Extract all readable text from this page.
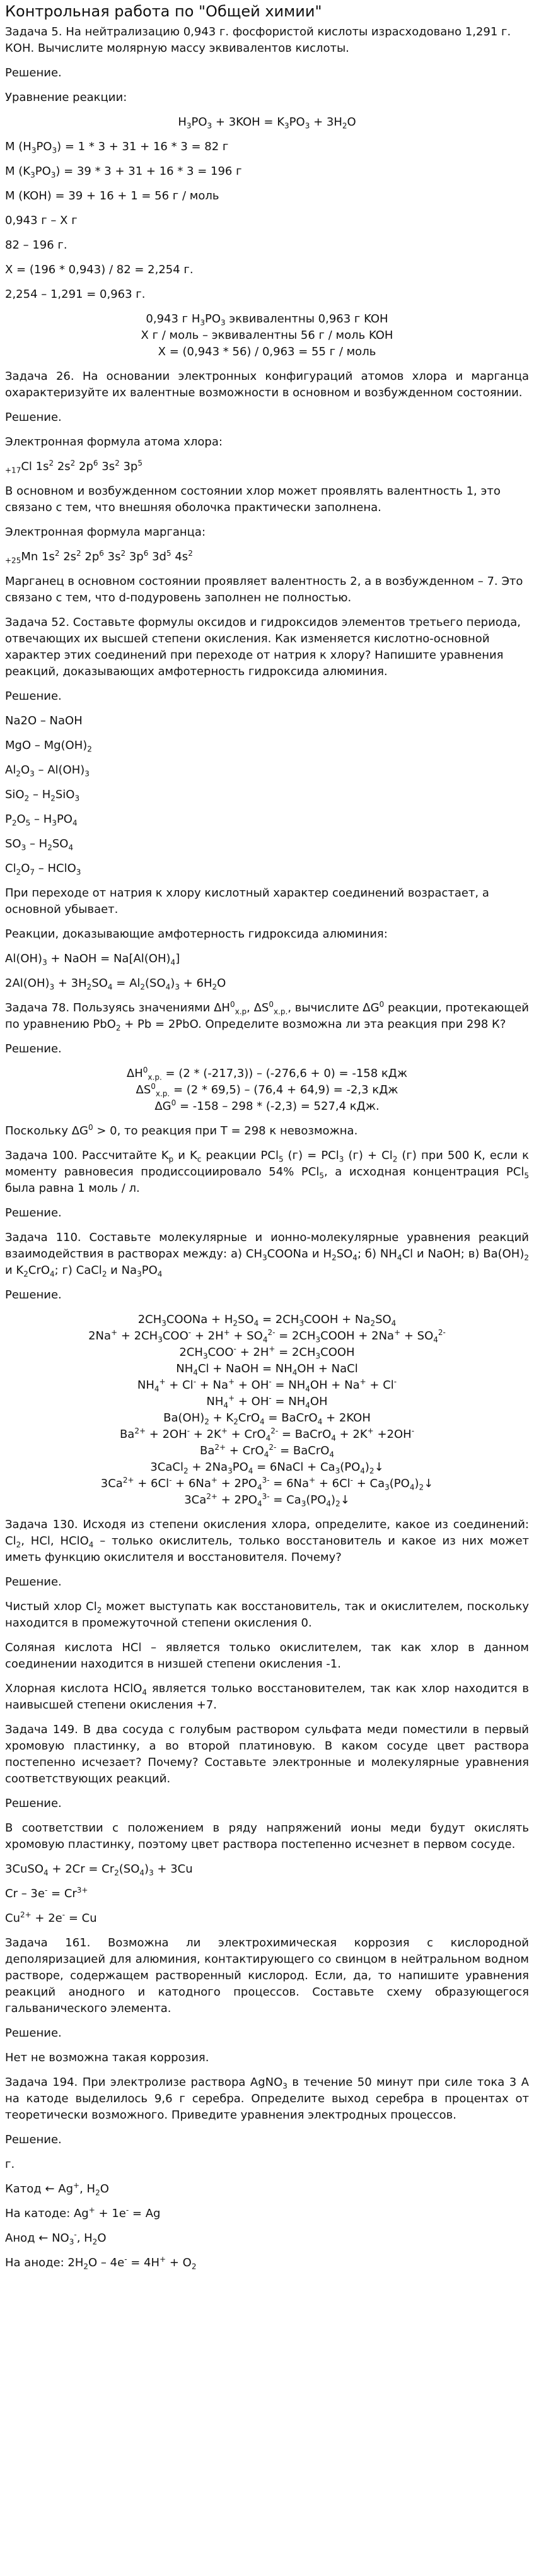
Контрольная работа по "Общей химии"
Задача 5. На нейтрализацию 0,943 г. фосфористой кислоты израсходовано 1,291 г. КОН. Вычислите молярную массу эквивалентов кислоты.
Решение.
Уравнение реакции:
$H_3PO_3 + 3KOH = K_3PO_3 + 3H_2O$
M $(H_3PO_3) = 1 * 3 + 31 + 16 * 3 = 82$ г
M $(K_3PO_3) = 39 * 3 + 31 + 16 * 3 = 196$ г
M (KOH) = 39 + 16 + 1 = 56 г / моль
0,943 г – X г
82 – 196 г.
X = (196 * 0,943) / 82 = 2,254 г.
2,254 – 1,291 = 0,963 г.
0,943 г $H_3PO_3$ эквивалентны 0,963 г KOH
X г / моль – эквивалентны 56 г / моль KOH
X = (0,943 * 56) / 0,963 = 55 г / моль
Задача 26. На основании электронных конфигураций атомов хлора и марганца охарактеризуйте их валентные возможности в основном и возбужденном состоянии.
Решение.
Электронная формула атома хлора:
$_{+17}$Cl $1s^2$ $2s^2$ $2p^6$ $3s^2$ $3p^5$
В основном и возбужденном состоянии хлор может проявлять валентность 1, это связано с тем, что внешняя оболочка практически заполнена.
Электронная формула марганца:
$_{+25}$Mn $1s^2$ $2s^2$ $2p^6$ $3s^2$ $3p^6$ $3d^5$ $4s^2$
Марганец в основном состоянии проявляет валентность 2, а в возбужденном – 7. Это связано с тем, что d-подуровень заполнен не полностью.
Задача 52. Составьте формулы оксидов и гидроксидов элементов третьего периода, отвечающих их высшей степени окисления. Как изменяется кислотно-основной характер этих соединений при переходе от натрия к хлору? Напишите уравнения реакций, доказывающих амфотерность гидроксида алюминия.
Решение.
Na2O – NaOH
MgO – $Mg(OH)_2$
$Al_2O_3 - Al(OH)_3$
$SiO_2 - H_2SiO_3$
$P_2O_5 - H_3PO_4$
$SO_3 - H_2SO_4$
$Cl_2O_7$ – HClO$_3$
При переходе от натрия к хлору кислотный характер соединений возрастает, а основной убывает.
Реакции, доказывающие амфотерность гидроксида алюминия:
$Al(OH)_3$ + NaOH = $Na[Al(OH)_4]$
$2Al(OH)_3 + 3H_2SO_4 = Al_2(SO_4)_3 + 6H_2O$
Задача 78. Пользуясь значениями $\Delta H^0_{х.р}$, $\Delta S^0_{х.р.}$, вычислите $\Delta G^0$ реакции, протекающей по уравнению PbO$_2$ + Pb = 2PbO. Определите возможна ли эта реакция при 298 К?
Решение.
$\Delta H^0_{х.р.} = (2 * (-217,3)) - (-276,6 + 0) = -158$ кДж
$\Delta S^0_{х.р.} = (2 * 69,5) - (76,4 + 64,9) = -2,3$ кДж
$\Delta G^0 = -158 - 298 * (-2,3) = 527,4$ кДж.
Поскольку $\Delta G^0 > 0$, то реакция при T = 298 к невозможна.
Задача 100. Рассчитайте $K_p$ и $K_c$ реакции PCl$_5$ (г) = PCl$_3$ $(г) + Cl_2$ (г) при 500 К, если к моменту равновесия продиссоциировало 54% PCl$_5$, а исходная концентрация PCl$_5$ была равна 1 моль / л.
Решение.
Задача 110. Составьте молекулярные и ионно-молекулярные уравнения реакций взаимодействия в растворах между: а) $CH_3COONa$ и $H_2SO_4$; б) $NH_4Cl$ и NaOH; в) $Ba(OH)_2$ и $K_2CrO_4$; г) CaCl$_2$ и $Na_3PO_4$
Решение.
$2CH_3COONa + H_2SO_4$ = $2CH_3COOH + Na_2SO_4$
$2Na^+ + 2CH_3COO^- + 2H^+ + SO_4^{2-}$ = $2CH_3COOH + 2Na^+ + SO_4^{2-}$
$2CH_3COO^- + 2H^+$ = $2CH_3COOH$
$NH_4Cl$ + NaOH = $NH_4OH$ + NaCl
$NH_4^+ + Cl^- + Na^+ + OH^- = NH_4OH + Na^+ + Cl^-$
$NH_4^+ + OH^- = NH_4OH$
$Ba(OH)_2 + K_2CrO_4$ = BaCrO$_4$ + 2KOH
$Ba^{2+} + 2OH^- + 2K^+ + CrO_4^{2-}$ = BaCrO$_4$ + 2K+ +2OH-
$Ba^{2+} + CrO_4^{2-}$ = BaCrO$_4$
3CaCl$_2$ + $2Na_3PO_4$ = 6NaCl + $Ca_3(PO_4)_2↓$
$3Ca^{2+} + 6Cl^- + 6Na^+ + 2PO_4^{3-} = 6Na^+ + 6Cl^-$ + $Ca_3(PO_4)_2↓$
$3Ca^{2+} + 2PO_4^{3-}$ = $Ca_3(PO_4)_2↓$
Задача 130. Исходя из степени окисления хлора, определите, какое из соединений: $Cl_2$, HCl, HClO$_4$ – только окислитель, только восстановитель и какое из них может иметь функцию окислителя и восстановителя. Почему?
Решение.
Чистый хлор $Cl_2$ может выступать как восстановитель, так и окислителем, поскольку находится в промежуточной степени окисления 0.
Соляная кислота HCl – является только окислителем, так как хлор в данном соединении находится в низшей степени окисления -1.
Хлорная кислота HClO$_4$ является только восстановителем, так как хлор находится в наивысшей степени окисления +7.
Задача 149. В два сосуда с голубым раствором сульфата меди поместили в первый хромовую пластинку, а во второй платиновую. В каком сосуде цвет раствора постепенно исчезает? Почему? Составьте электронные и молекулярные уравнения соответствующих реакций.
Решение.
В соответствии с положением в ряду напряжений ионы меди будут окислять хромовую пластинку, поэтому цвет раствора постепенно исчезнет в первом сосуде.
3CuSO$_4$ + $2Cr = Cr_2(SO_4)_3 + 3Cu$
$Cr - 3e^- = Cr^{3+}$
$Cu^{2+} + 2e^- = Cu$
Задача 161. Возможна ли электрохимическая коррозия с кислородной деполяризацией для алюминия, контактирующего со свинцом в нейтральном водном растворе, содержащем растворенный кислород. Если, да, то напишите уравнения реакций анодного и катодного процессов. Составьте схему образующегося гальванического элемента.
Решение.
Нет не возможна такая коррозия.
Задача 194. При электролизе раствора AgNO$_3$ в течение 50 минут при силе тока 3 А на катоде выделилось 9,6 г серебра. Определите выход серебра в процентах от теоретически возможного. Приведите уравнения электродных процессов.
Решение.
г.
Катод ← Ag+, $H_2O$
На катоде: Ag+ + 1e- = Ag
Анод ← $NO_3^-$, $H_2O$
На аноде: $2H_2O - 4e^- = 4H^+ + O_2$
